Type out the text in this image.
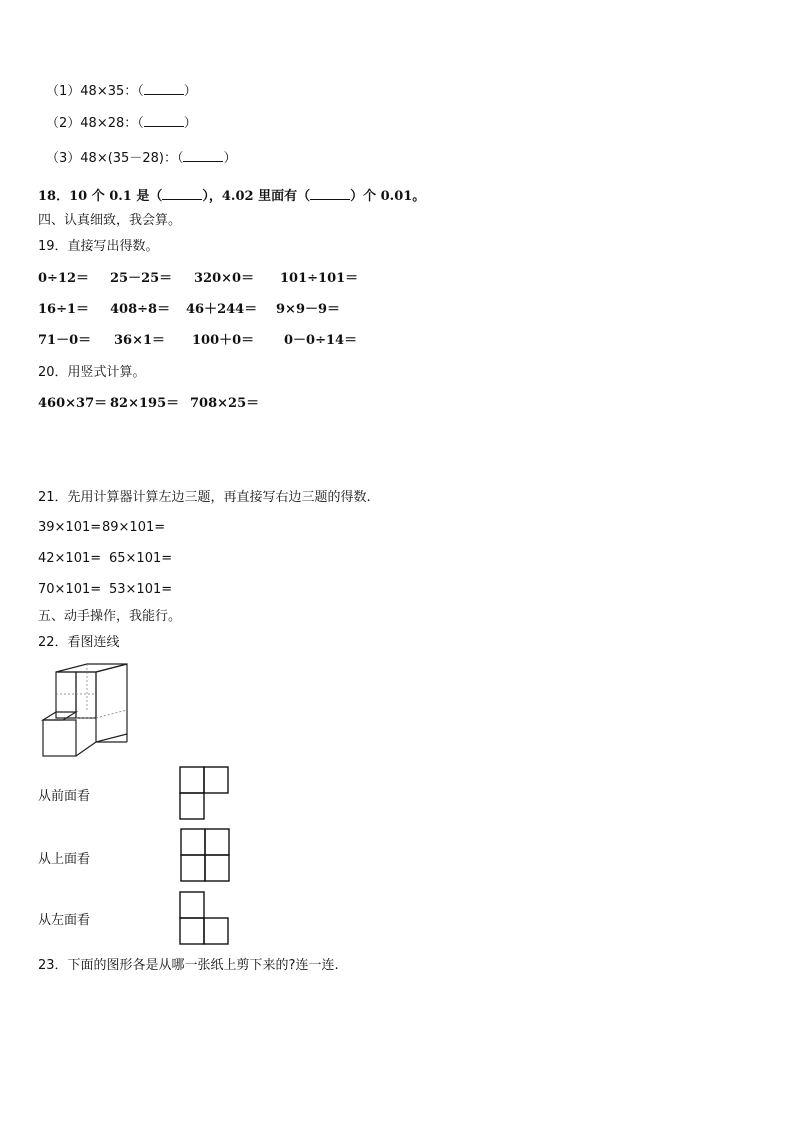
（1）48×35：（	）
（2）48×28：（	）
（3）48×(35－28)：（	）
18．10 个 0.1 是（	），4.02 里面有（	）个 0.01。
四、认真细致，我会算。
19．直接写出得数。
0÷12＝ 25－25＝ 320×0＝ 101÷101＝
16÷1＝ 408÷8＝ 46＋244＝ 9×9－9＝
71－0＝ 36×1＝ 100＋0＝ 0－0÷14＝
20．用竖式计算。
460×37＝ 82×195＝ 708×25＝
21．先用计算器计算左边三题，再直接写右边三题的得数.
39×101=89×101=
42×101= 65×101=
70×101= 53×101=
五、动手操作，我能行。
22．看图连线
从前面看
从上面看
从左面看
23．下面的图形各是从哪一张纸上剪下来的?连一连.
